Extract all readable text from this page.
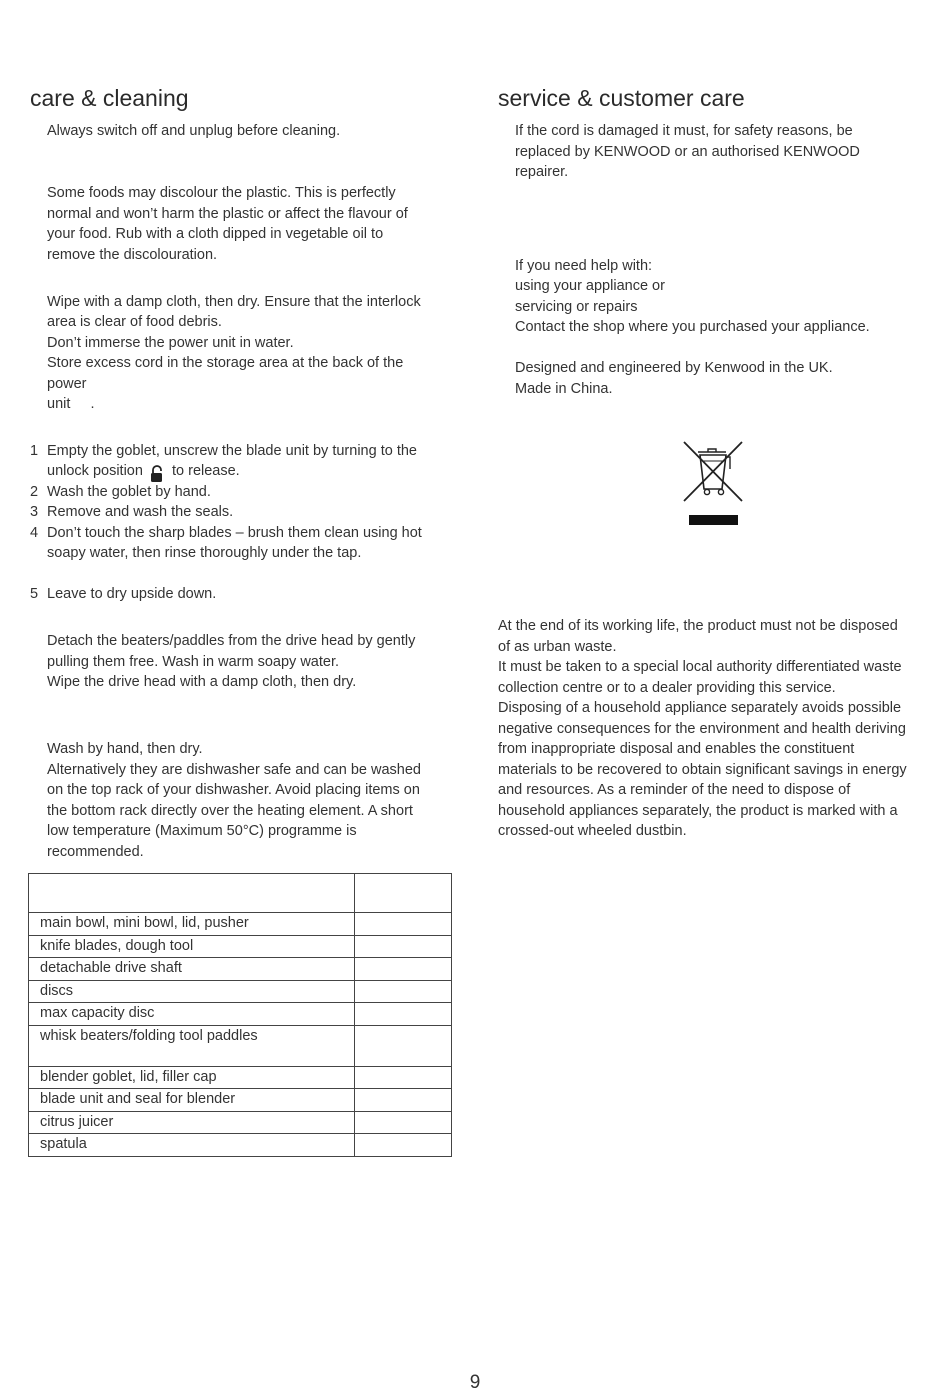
care & cleaning

Always switch off and unplug before cleaning.

Some foods may discolour the plastic. This is perfectly

normal and won’t harm the plastic or affect the flavour of

your food. Rub with a cloth dipped in vegetable oil to

remove the discolouration.

Wipe with a damp cloth, then dry. Ensure that the interlock

area is clear of food debris.

Don’t immerse the power unit in water.

Store excess cord in the storage area at the back of the

power

unit     .

1 Empty the goblet, unscrew the blade unit by turning to the

unlock position to release.

2 Wash the goblet by hand.

3 Remove and wash the seals.

4 Don’t touch the sharp blades – brush them clean using hot

soapy water, then rinse thoroughly under the tap.

5 Leave to dry upside down.

Detach the beaters/paddles from the drive head by gently

pulling them free. Wash in warm soapy water.

Wipe the drive head with a damp cloth, then dry.

Wash by hand, then dry.

Alternatively they are dishwasher safe and can be washed

on the top rack of your dishwasher. Avoid placing items on

the bottom rack directly over the heating element. A short

low temperature (Maximum 50°C) programme is

recommended.

main bowl, mini bowl, lid, pusher	
knife blades, dough tool	
detachable drive shaft	
discs	
max capacity disc	
whisk beaters/folding tool paddles	
blender goblet, lid, filler cap	
blade unit and seal for blender	
citrus juicer	
spatula	
service & customer care

If the cord is damaged it must, for safety reasons, be

replaced by KENWOOD or an authorised KENWOOD

repairer.

If you need help with:

using your appliance or

servicing or repairs

Contact the shop where you purchased your appliance.

Designed and engineered by Kenwood in the UK.

Made in China.

At the end of its working life, the product must not be disposed

of as urban waste.

It must be taken to a special local authority differentiated waste

collection centre or to a dealer providing this service.

Disposing of a household appliance separately avoids possible

negative consequences for the environment and health deriving

from inappropriate disposal and enables the constituent

materials to be recovered to obtain significant savings in energy

and resources. As a reminder of the need to dispose of

household appliances separately, the product is marked with a

crossed-out wheeled dustbin.

9
